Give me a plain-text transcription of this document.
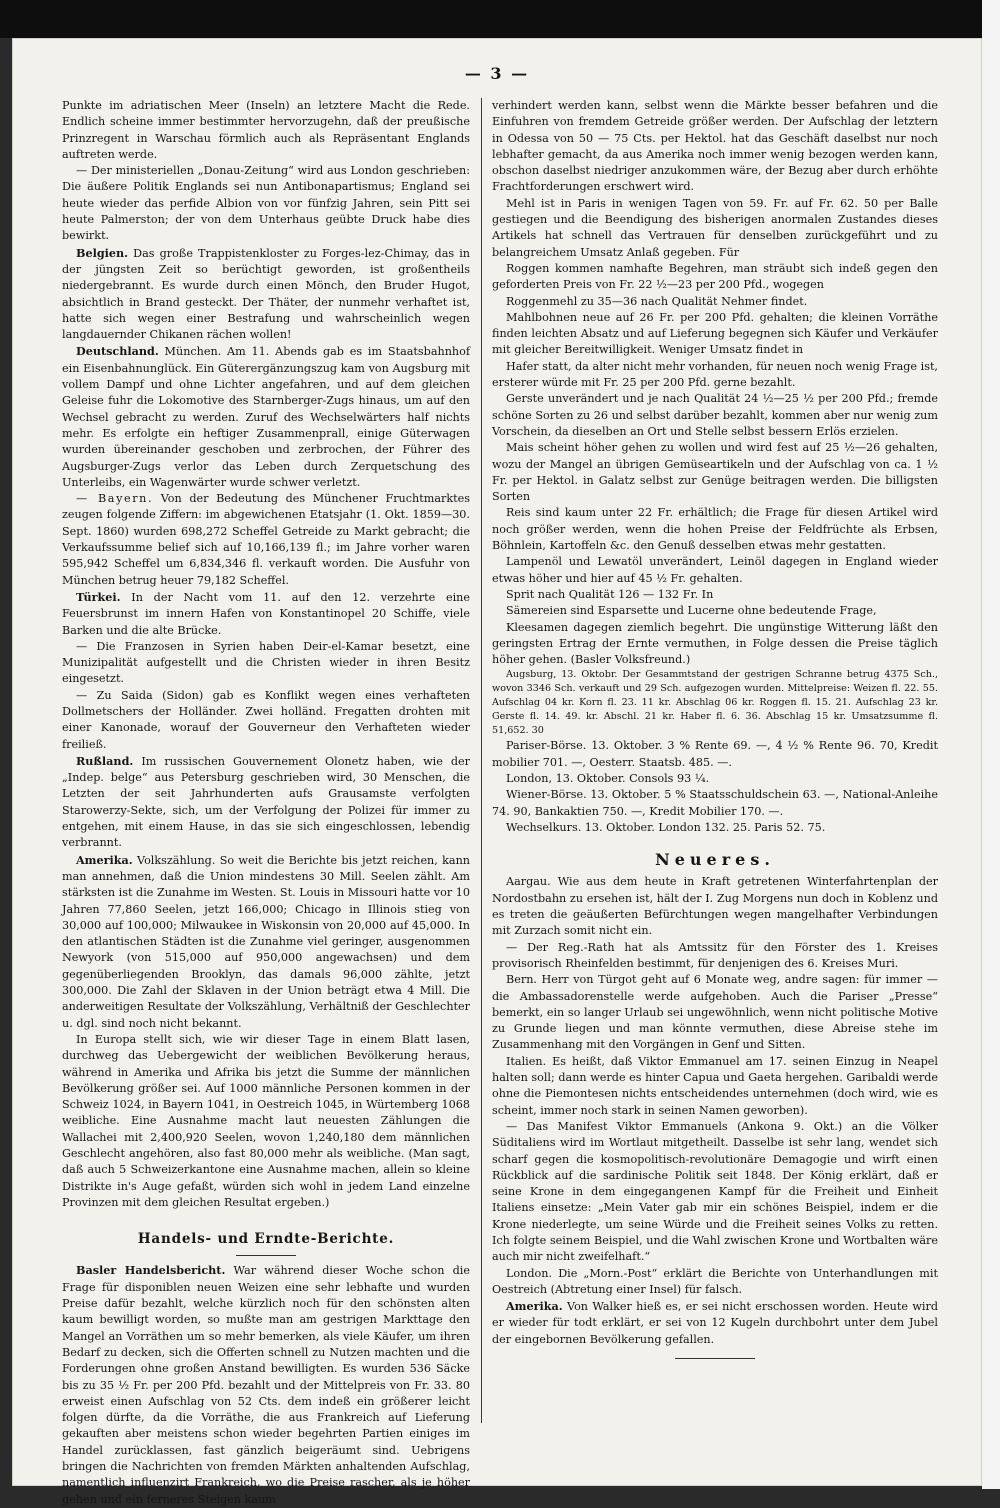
— 3 —

Punkte im adriatischen Meer (Inseln) an letztere Macht die Rede. Endlich scheine immer bestimmter hervorzugehn, daß der preußische Prinzregent in Warschau förmlich auch als Repräsentant Englands auftreten werde.

— Der ministeriellen „Donau-Zeitung“ wird aus London geschrieben: Die äußere Politik Englands sei nun Antibonapartismus; England sei heute wieder das perfide Albion von vor fünfzig Jahren, sein Pitt sei heute Palmerston; der von dem Unterhaus geübte Druck habe dies bewirkt.

Belgien. Das große Trappistenkloster zu Forges-lez-Chimay, das in der jüngsten Zeit so berüchtigt geworden, ist großentheils niedergebrannt. Es wurde durch einen Mönch, den Bruder Hugot, absichtlich in Brand gesteckt. Der Thäter, der nunmehr verhaftet ist, hatte sich wegen einer Bestrafung und wahrscheinlich wegen langdauernder Chikanen rächen wollen!

Deutschland. München. Am 11. Abends gab es im Staatsbahnhof ein Eisenbahnunglück. Ein Güterergänzungszug kam von Augsburg mit vollem Dampf und ohne Lichter angefahren, und auf dem gleichen Geleise fuhr die Lokomotive des Starnberger-Zugs hinaus, um auf den Wechsel gebracht zu werden. Zuruf des Wechselwärters half nichts mehr. Es erfolgte ein heftiger Zusammenprall, einige Güterwagen wurden übereinander geschoben und zerbrochen, der Führer des Augsburger-Zugs verlor das Leben durch Zerquetschung des Unterleibs, ein Wagenwärter wurde schwer verletzt.

— Bayern. Von der Bedeutung des Münchener Fruchtmarktes zeugen folgende Ziffern: im abgewichenen Etatsjahr (1. Okt. 1859—30. Sept. 1860) wurden 698,272 Scheffel Getreide zu Markt gebracht; die Verkaufssumme belief sich auf 10,166,139 fl.; im Jahre vorher waren 595,942 Scheffel um 6,834,346 fl. verkauft worden. Die Ausfuhr von München betrug heuer 79,182 Scheffel.

Türkei. In der Nacht vom 11. auf den 12. verzehrte eine Feuersbrunst im innern Hafen von Konstantinopel 20 Schiffe, viele Barken und die alte Brücke.

— Die Franzosen in Syrien haben Deir-el-Kamar besetzt, eine Munizipalität aufgestellt und die Christen wieder in ihren Besitz eingesetzt.

— Zu Saida (Sidon) gab es Konflikt wegen eines verhafteten Dollmetschers der Holländer. Zwei holländ. Fregatten drohten mit einer Kanonade, worauf der Gouverneur den Verhafteten wieder freiließ.

Rußland. Im russischen Gouvernement Olonetz haben, wie der „Indep. belge“ aus Petersburg geschrieben wird, 30 Menschen, die Letzten der seit Jahrhunderten aufs Grausamste verfolgten Starowerzy-Sekte, sich, um der Verfolgung der Polizei für immer zu entgehen, mit einem Hause, in das sie sich eingeschlossen, lebendig verbrannt.

Amerika. Volkszählung. So weit die Berichte bis jetzt reichen, kann man annehmen, daß die Union mindestens 30 Mill. Seelen zählt. Am stärksten ist die Zunahme im Westen. St. Louis in Missouri hatte vor 10 Jahren 77,860 Seelen, jetzt 166,000; Chicago in Illinois stieg von 30,000 auf 100,000; Milwaukee in Wiskonsin von 20,000 auf 45,000. In den atlantischen Städten ist die Zunahme viel geringer, ausgenommen Newyork (von 515,000 auf 950,000 angewachsen) und dem gegenüberliegenden Brooklyn, das damals 96,000 zählte, jetzt 300,000. Die Zahl der Sklaven in der Union beträgt etwa 4 Mill. Die anderweitigen Resultate der Volkszählung, Verhältniß der Geschlechter u. dgl. sind noch nicht bekannt.

In Europa stellt sich, wie wir dieser Tage in einem Blatt lasen, durchweg das Uebergewicht der weiblichen Bevölkerung heraus, während in Amerika und Afrika bis jetzt die Summe der männlichen Bevölkerung größer sei. Auf 1000 männliche Personen kommen in der Schweiz 1024, in Bayern 1041, in Oestreich 1045, in Würtemberg 1068 weibliche. Eine Ausnahme macht laut neuesten Zählungen die Wallachei mit 2,400,920 Seelen, wovon 1,240,180 dem männlichen Geschlecht angehören, also fast 80,000 mehr als weibliche. (Man sagt, daß auch 5 Schweizerkantone eine Ausnahme machen, allein so kleine Distrikte in's Auge gefaßt, würden sich wohl in jedem Land einzelne Provinzen mit dem gleichen Resultat ergeben.)

Handels- und Erndte-Berichte.

Basler Handelsbericht. War während dieser Woche schon die Frage für disponiblen neuen Weizen eine sehr lebhafte und wurden Preise dafür bezahlt, welche kürzlich noch für den schönsten alten kaum bewilligt worden, so mußte man am gestrigen Markttage den Mangel an Vorräthen um so mehr bemerken, als viele Käufer, um ihren Bedarf zu decken, sich die Offerten schnell zu Nutzen machten und die Forderungen ohne großen Anstand bewilligten. Es wurden 536 Säcke bis zu 35 ½ Fr. per 200 Pfd. bezahlt und der Mittelpreis von Fr. 33. 80 erweist einen Aufschlag von 52 Cts. dem indeß ein größerer leicht folgen dürfte, da die Vorräthe, die aus Frankreich auf Lieferung gekauften aber meistens schon wieder begehrten Partien einiges im Handel zurücklassen, fast gänzlich beigeräumt sind. Uebrigens bringen die Nachrichten von fremden Märkten anhaltenden Aufschlag, namentlich influenzirt Frankreich, wo die Preise rascher, als je höher gehen und ein ferneres Steigen kaum

verhindert werden kann, selbst wenn die Märkte besser befahren und die Einfuhren von fremdem Getreide größer werden. Der Aufschlag der letztern in Odessa von 50 — 75 Cts. per Hektol. hat das Geschäft daselbst nur noch lebhafter gemacht, da aus Amerika noch immer wenig bezogen werden kann, obschon daselbst niedriger anzukommen wäre, der Bezug aber durch erhöhte Frachtforderungen erschwert wird.

Mehl ist in Paris in wenigen Tagen von 59. Fr. auf Fr. 62. 50 per Balle gestiegen und die Beendigung des bisherigen anormalen Zustandes dieses Artikels hat schnell das Vertrauen für denselben zurückgeführt und zu belangreichem Umsatz Anlaß gegeben. Für

Roggen kommen namhafte Begehren, man sträubt sich indeß gegen den geforderten Preis von Fr. 22 ½—23 per 200 Pfd., wogegen

Roggenmehl zu 35—36 nach Qualität Nehmer findet.

Mahlbohnen neue auf 26 Fr. per 200 Pfd. gehalten; die kleinen Vorräthe finden leichten Absatz und auf Lieferung begegnen sich Käufer und Verkäufer mit gleicher Bereitwilligkeit. Weniger Umsatz findet in

Hafer statt, da alter nicht mehr vorhanden, für neuen noch wenig Frage ist, ersterer würde mit Fr. 25 per 200 Pfd. gerne bezahlt.

Gerste unverändert und je nach Qualität 24 ½—25 ½ per 200 Pfd.; fremde schöne Sorten zu 26 und selbst darüber bezahlt, kommen aber nur wenig zum Vorschein, da dieselben an Ort und Stelle selbst bessern Erlös erzielen.

Mais scheint höher gehen zu wollen und wird fest auf 25 ½—26 gehalten, wozu der Mangel an übrigen Gemüseartikeln und der Aufschlag von ca. 1 ½ Fr. per Hektol. in Galatz selbst zur Genüge beitragen werden. Die billigsten Sorten

Reis sind kaum unter 22 Fr. erhältlich; die Frage für diesen Artikel wird noch größer werden, wenn die hohen Preise der Feldfrüchte als Erbsen, Böhnlein, Kartoffeln &c. den Genuß desselben etwas mehr gestatten.

Lampenöl und Lewatöl unverändert, Leinöl dagegen in England wieder etwas höher und hier auf 45 ½ Fr. gehalten.

Sprit nach Qualität 126 — 132 Fr. In

Sämereien sind Esparsette und Lucerne ohne bedeutende Frage,

Kleesamen dagegen ziemlich begehrt. Die ungünstige Witterung läßt den geringsten Ertrag der Ernte vermuthen, in Folge dessen die Preise täglich höher gehen. (Basler Volksfreund.)

Augsburg, 13. Oktobr. Der Gesammtstand der gestrigen Schranne betrug 4375 Sch., wovon 3346 Sch. verkauft und 29 Sch. aufgezogen wurden. Mittelpreise: Weizen fl. 22. 55. Aufschlag 04 kr. Korn fl. 23. 11 kr. Abschlag 06 kr. Roggen fl. 15. 21. Aufschlag 23 kr. Gerste fl. 14. 49. kr. Abschl. 21 kr. Haber fl. 6. 36. Abschlag 15 kr. Umsatzsumme fl. 51,652. 30

Pariser-Börse. 13. Oktober. 3 % Rente 69. —, 4 ½ % Rente 96. 70, Kredit mobilier 701. —, Oesterr. Staatsb. 485. —.

London, 13. Oktober. Consols 93 ¼.

Wiener-Börse. 13. Oktober. 5 % Staatsschuldschein 63. —, National-Anleihe 74. 90, Bankaktien 750. —, Kredit Mobilier 170. —.

Wechselkurs. 13. Oktober. London 132. 25. Paris 52. 75.

Neueres.

Aargau. Wie aus dem heute in Kraft getretenen Winterfahrtenplan der Nordostbahn zu ersehen ist, hält der I. Zug Morgens nun doch in Koblenz und es treten die geäußerten Befürchtungen wegen mangelhafter Verbindungen mit Zurzach somit nicht ein.

— Der Reg.-Rath hat als Amtssitz für den Förster des 1. Kreises provisorisch Rheinfelden bestimmt, für denjenigen des 6. Kreises Muri.

Bern. Herr von Türgot geht auf 6 Monate weg, andre sagen: für immer — die Ambassadorenstelle werde aufgehoben. Auch die Pariser „Presse“ bemerkt, ein so langer Urlaub sei ungewöhnlich, wenn nicht politische Motive zu Grunde liegen und man könnte vermuthen, diese Abreise stehe im Zusammenhang mit den Vorgängen in Genf und Sitten.

Italien. Es heißt, daß Viktor Emmanuel am 17. seinen Einzug in Neapel halten soll; dann werde es hinter Capua und Gaeta hergehen. Garibaldi werde ohne die Piemontesen nichts entscheidendes unternehmen (doch wird, wie es scheint, immer noch stark in seinen Namen geworben).

— Das Manifest Viktor Emmanuels (Ankona 9. Okt.) an die Völker Süditaliens wird im Wortlaut mitgetheilt. Dasselbe ist sehr lang, wendet sich scharf gegen die kosmopolitisch-revolutionäre Demagogie und wirft einen Rückblick auf die sardinische Politik seit 1848. Der König erklärt, daß er seine Krone in dem eingegangenen Kampf für die Freiheit und Einheit Italiens einsetze: „Mein Vater gab mir ein schönes Beispiel, indem er die Krone niederlegte, um seine Würde und die Freiheit seines Volks zu retten. Ich folgte seinem Beispiel, und die Wahl zwischen Krone und Wortbalten wäre auch mir nicht zweifelhaft.“

London. Die „Morn.-Post“ erklärt die Berichte von Unterhandlungen mit Oestreich (Abtretung einer Insel) für falsch.

Amerika. Von Walker hieß es, er sei nicht erschossen worden. Heute wird er wieder für todt erklärt, er sei von 12 Kugeln durchbohrt unter dem Jubel der eingebornen Bevölkerung gefallen.
